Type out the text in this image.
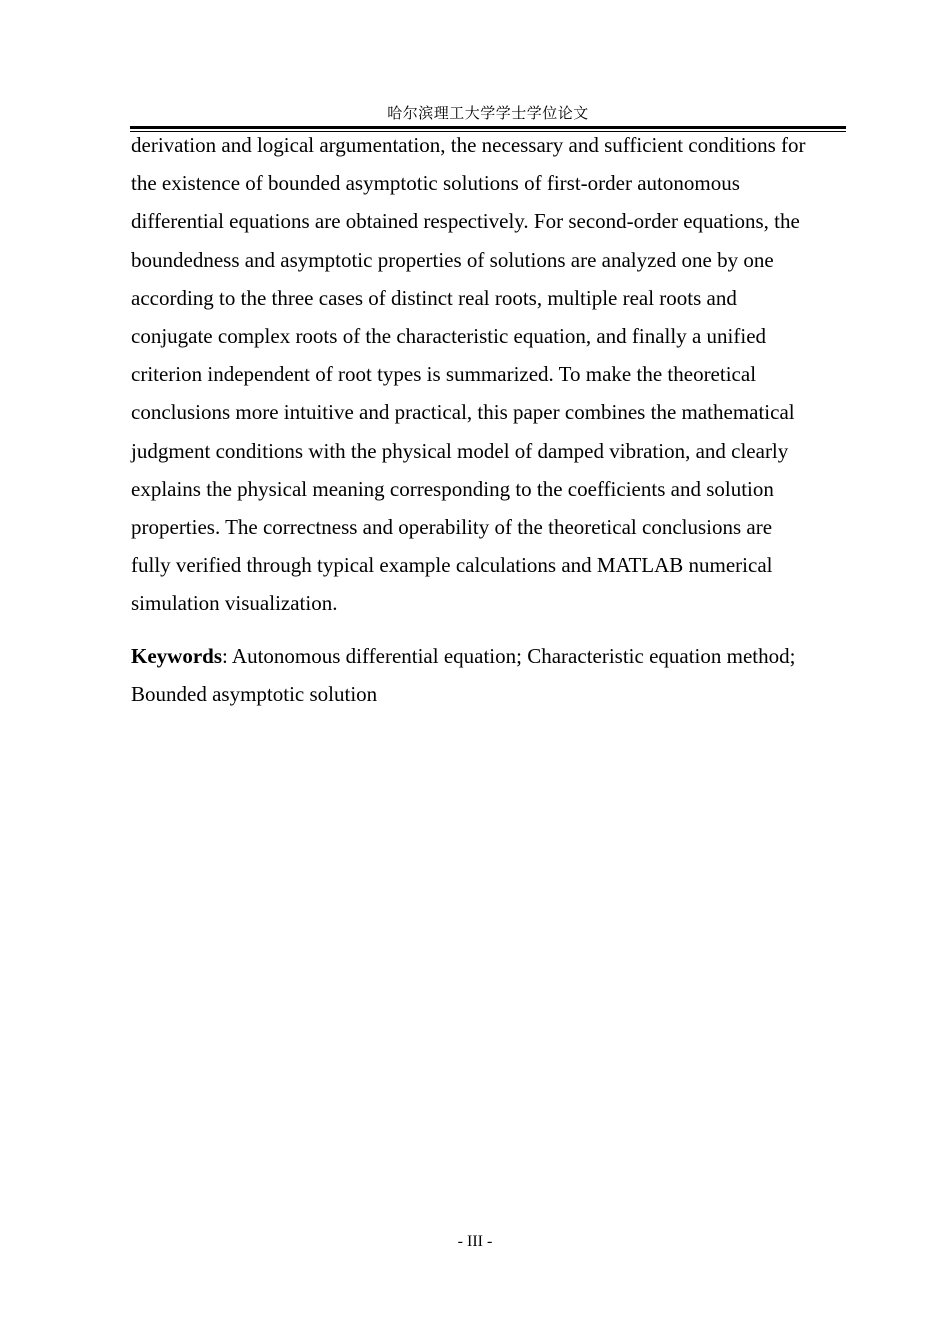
哈尔滨理工大学学士学位论文
derivation and logical argumentation, the necessary and sufficient conditions for
the existence of bounded asymptotic solutions of first-order autonomous
differential equations are obtained respectively. For second-order equations, the
boundedness and asymptotic properties of solutions are analyzed one by one
according to the three cases of distinct real roots, multiple real roots and
conjugate complex roots of the characteristic equation, and finally a unified
criterion independent of root types is summarized. To make the theoretical
conclusions more intuitive and practical, this paper combines the mathematical
judgment conditions with the physical model of damped vibration, and clearly
explains the physical meaning corresponding to the coefficients and solution
properties. The correctness and operability of the theoretical conclusions are
fully verified through typical example calculations and MATLAB numerical
simulation visualization.
Keywords: Autonomous differential equation; Characteristic equation method;
Bounded asymptotic solution
- III -
